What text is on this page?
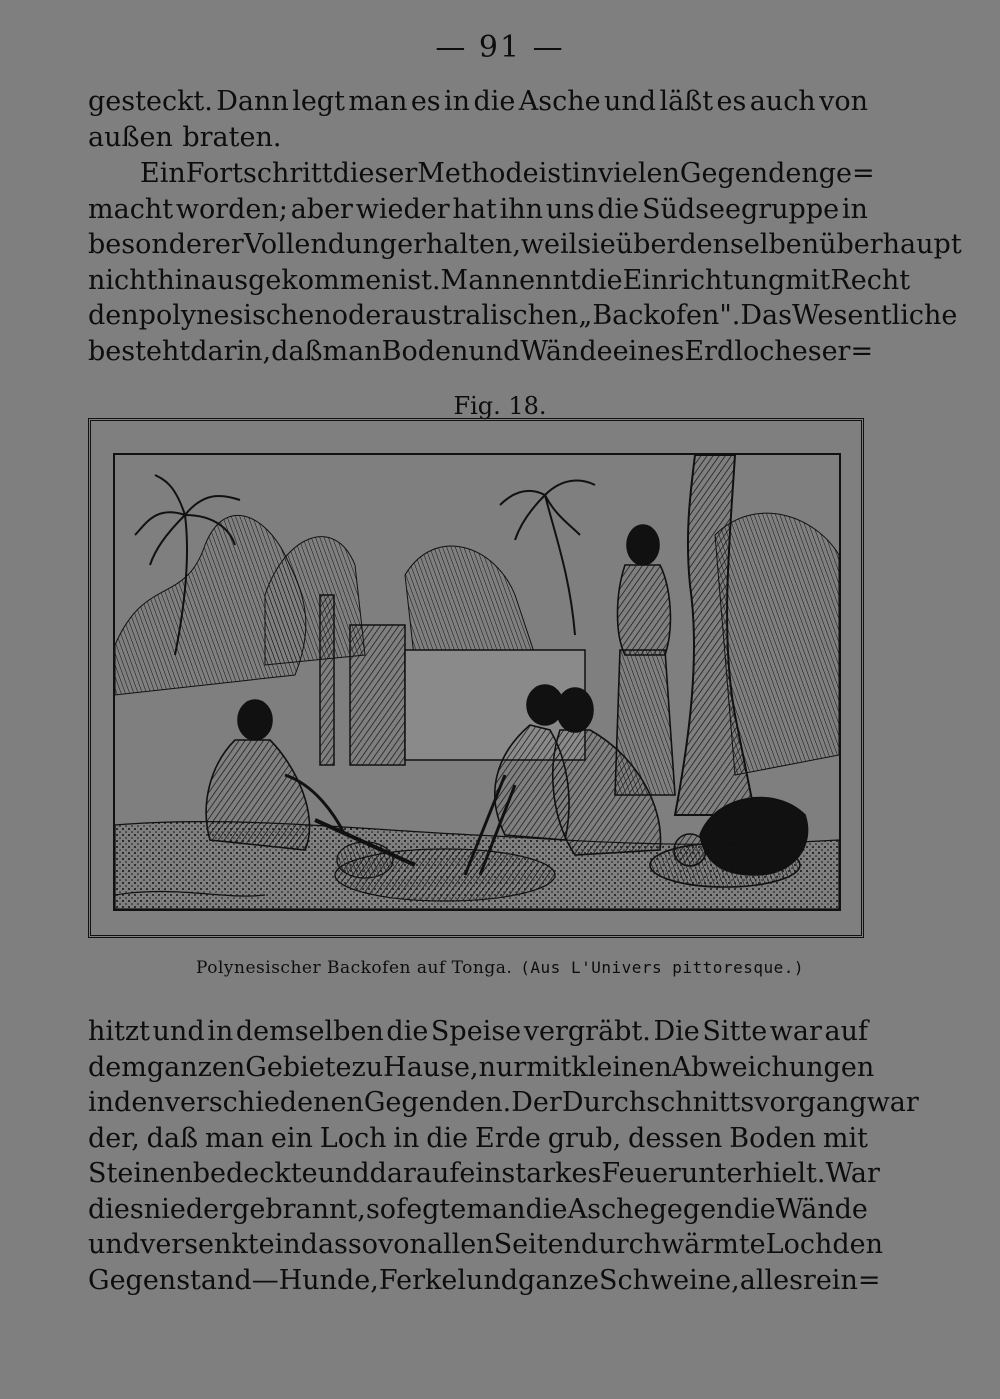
— 91 —
gesteckt. Dann legt man es in die Asche und läßt es auch von
außen braten.
Ein Fortschritt dieser Methode ist in vielen Gegenden ge=
macht worden; aber wieder hat ihn uns die Südseegruppe in
besonderer Vollendung erhalten, weil sie über denselben überhaupt
nicht hinausgekommen ist. Man nennt die Einrichtung mit Recht
den polynesischen oder australischen „Backofen". Das Wesentliche
besteht darin, daß man Boden und Wände eines Erdloches er=
Fig. 18.
Polynesischer Backofen auf Tonga. (Aus L'Univers pittoresque.)
hitzt und in demselben die Speise vergräbt. Die Sitte war auf
dem ganzen Gebiete zu Hause, nur mit kleinen Abweichungen
in den verschiedenen Gegenden. Der Durchschnittsvorgang war
der, daß man ein Loch in die Erde grub, dessen Boden mit
Steinen bedeckte und darauf ein starkes Feuer unterhielt. War
dies niedergebrannt, so fegte man die Asche gegen die Wände
und versenkte in das so von allen Seiten durchwärmte Loch den
Gegenstand — Hunde, Ferkel und ganze Schweine, alles rein=
